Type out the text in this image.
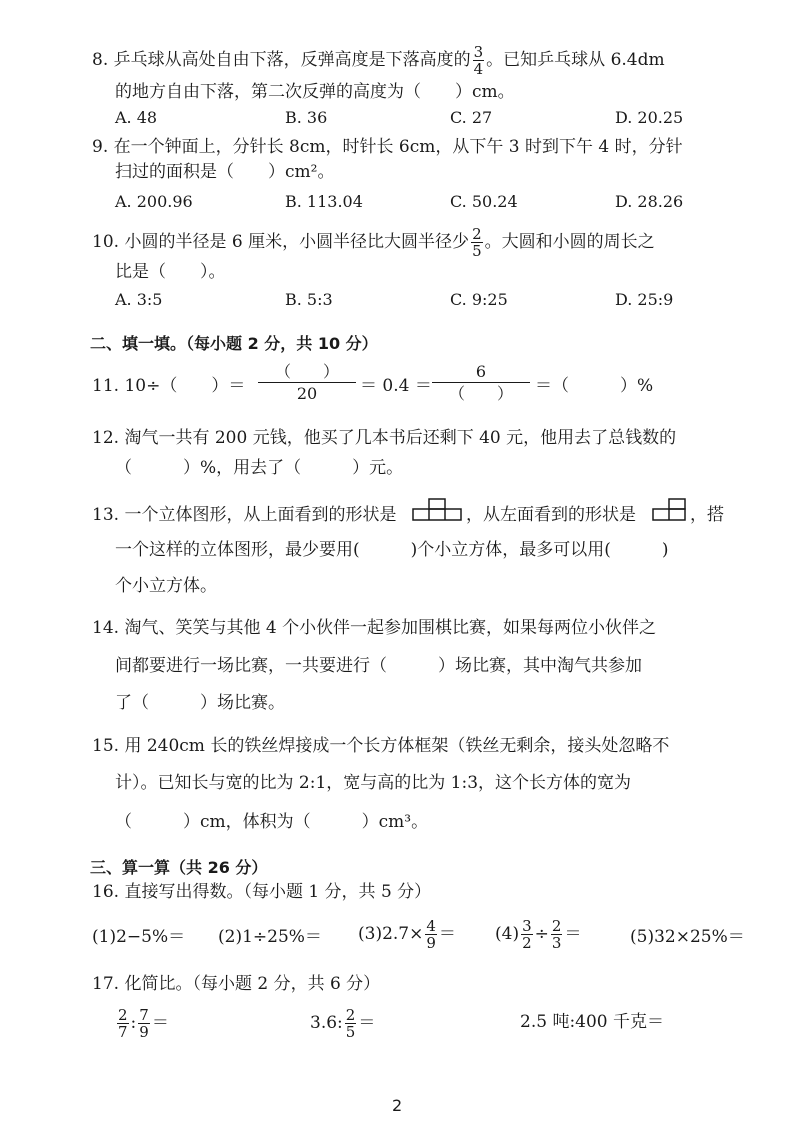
8. 乒乓球从高处自由下落，反弹高度是下落高度的 $\frac{3}{4}$ 。已知乒乓球从 6.4dm
的地方自由下落，第二次反弹的高度为（　　）cm。
A. 48	B. 36	C. 27	D. 20.25
9. 在一个钟面上，分针长 8cm，时针长 6cm，从下午 3 时到下午 4 时，分针
扫过的面积是（　　）cm²。
A. 200.96	B. 113.04	C. 50.24	D. 28.26
10. 小圆的半径是 6 厘米，小圆半径比大圆半径少 $\frac{2}{5}$ 。大圆和小圆的周长之
比是（　　）。
A. 3:5	B. 5:3	C. 9:25	D. 25:9
二、填一填。（每小题 2 分，共 10 分）
11. 10÷（　　）＝
（　　）
20	＝ 0.4 ＝
6
（　　）	＝（　　　）%
12. 淘气一共有 200 元钱，他买了几本书后还剩下 40 元，他用去了总钱数的
（　　　）%，用去了（　　　）元。
13. 一个立体图形，从上面看到的形状是	，从左面看到的形状是	，搭
一个这样的立体图形，最少要用(　　　)个小立方体，最多可以用(　　　)
个小立方体。
14. 淘气、笑笑与其他 4 个小伙伴一起参加围棋比赛，如果每两位小伙伴之
间都要进行一场比赛，一共要进行（　　　）场比赛，其中淘气共参加
了（　　　）场比赛。
15. 用 240cm 长的铁丝焊接成一个长方体框架（铁丝无剩余，接头处忽略不
计）。已知长与宽的比为 2:1，宽与高的比为 1:3，这个长方体的宽为
（　　　）cm，体积为（　　　）cm³。
三、算一算（共 26 分）
16. 直接写出得数。（每小题 1 分，共 5 分）
$(1)2-5\%= (2)1\div 25\%= (3)2.7\times \frac{4}{9} = (4) \frac{3}{2} \div \frac{2}{3}$ ＝	(5)32×25%＝
17. 化简比。（每小题 2 分，共 6 分）
$\frac{2}{7}$ : $\frac{7}{9}$ ＝	3.6: $\frac{2}{5}$ ＝	2.5 吨:400 千克＝
2
